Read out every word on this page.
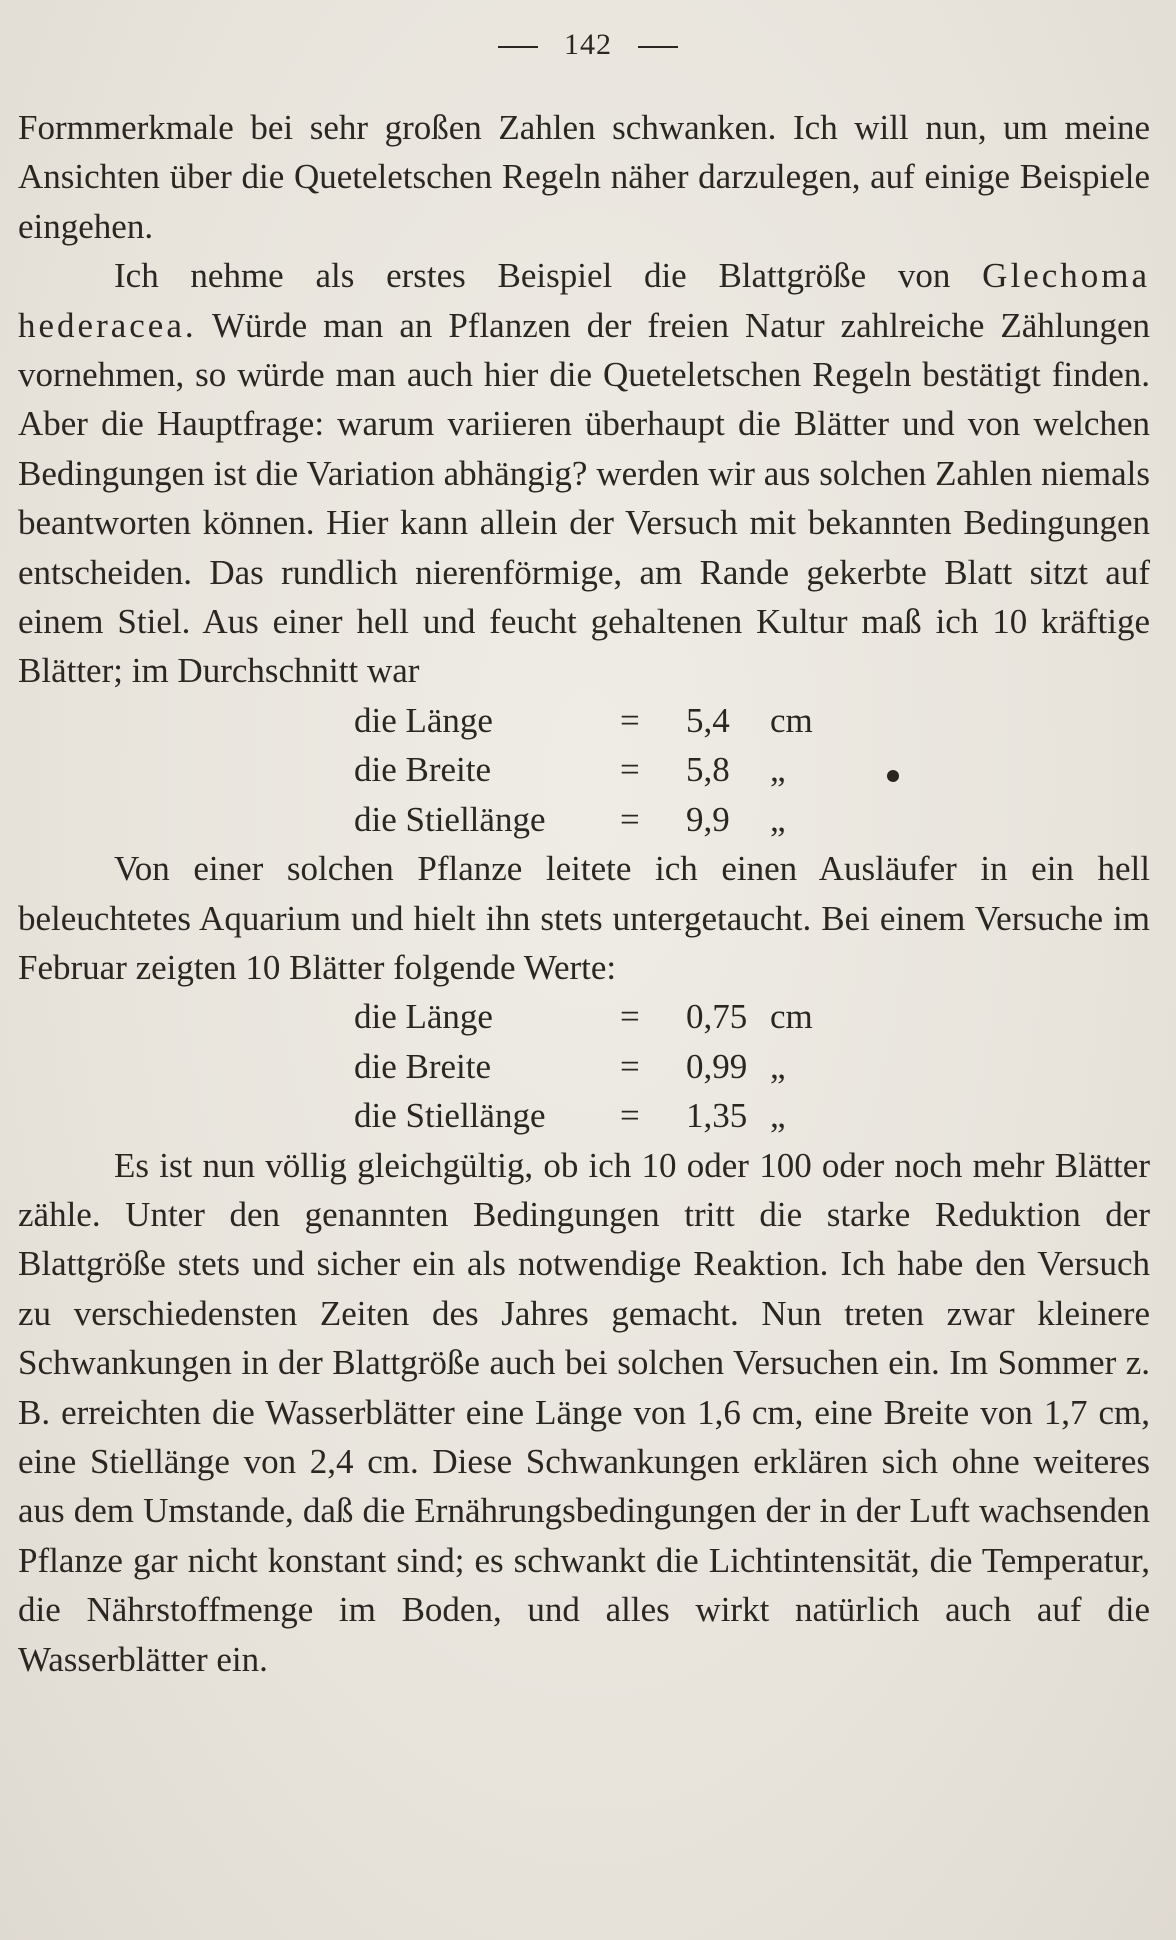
142

Formmerkmale bei sehr großen Zahlen schwanken. Ich will nun, um meine Ansichten über die Queteletschen Regeln näher darzulegen, auf einige Beispiele eingehen.

Ich nehme als erstes Beispiel die Blattgröße von Glechoma hederacea. Würde man an Pflanzen der freien Natur zahlreiche Zählungen vornehmen, so würde man auch hier die Queteletschen Regeln bestätigt finden. Aber die Hauptfrage: warum variieren überhaupt die Blätter und von welchen Bedingungen ist die Variation abhängig? werden wir aus solchen Zahlen niemals beantworten können. Hier kann allein der Versuch mit bekannten Bedingungen entscheiden. Das rundlich nierenförmige, am Rande gekerbte Blatt sitzt auf einem Stiel. Aus einer hell und feucht gehaltenen Kultur maß ich 10 kräftige Blätter; im Durchschnitt war

die Länge	=	5,4	cm
die Breite	=	5,8	„
die Stiellänge	=	9,9	„

Von einer solchen Pflanze leitete ich einen Ausläufer in ein hell beleuchtetes Aquarium und hielt ihn stets untergetaucht. Bei einem Versuche im Februar zeigten 10 Blätter folgende Werte:

die Länge	=	0,75	cm
die Breite	=	0,99	„
die Stiellänge	=	1,35	„

Es ist nun völlig gleichgültig, ob ich 10 oder 100 oder noch mehr Blätter zähle. Unter den genannten Bedingungen tritt die starke Reduktion der Blattgröße stets und sicher ein als notwendige Reaktion. Ich habe den Versuch zu verschiedensten Zeiten des Jahres gemacht. Nun treten zwar kleinere Schwankungen in der Blattgröße auch bei solchen Versuchen ein. Im Sommer z. B. erreichten die Wasserblätter eine Länge von 1,6 cm, eine Breite von 1,7 cm, eine Stiellänge von 2,4 cm. Diese Schwankungen erklären sich ohne weiteres aus dem Umstande, daß die Ernährungsbedingungen der in der Luft wachsenden Pflanze gar nicht konstant sind; es schwankt die Lichtintensität, die Temperatur, die Nährstoffmenge im Boden, und alles wirkt natürlich auch auf die Wasserblätter ein.
